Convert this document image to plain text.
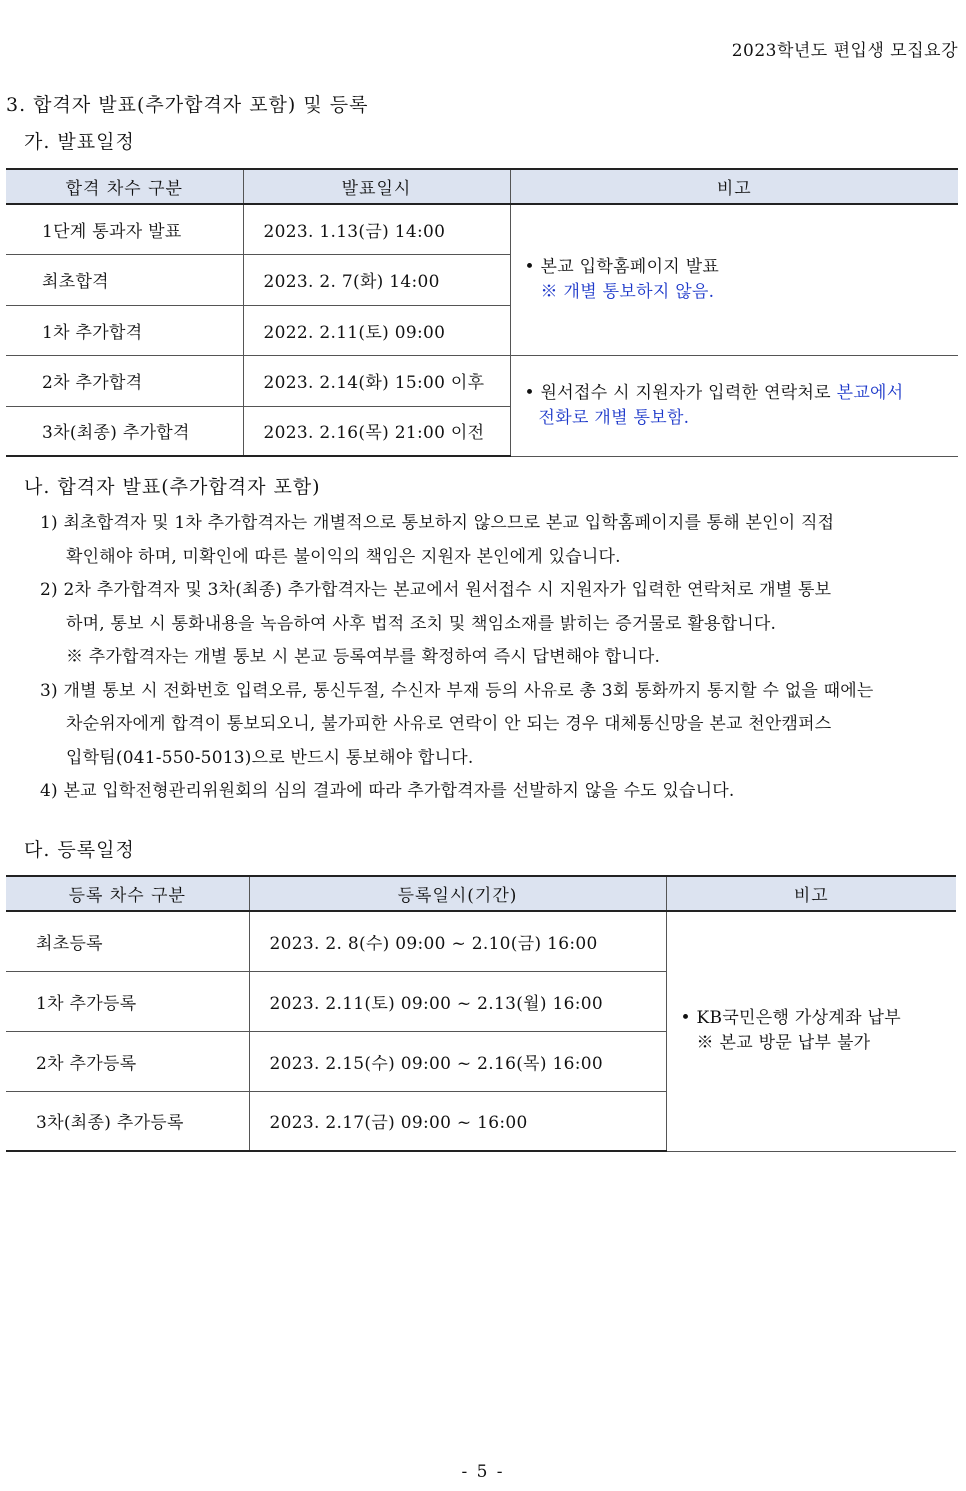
2023학년도 편입생 모집요강
3. 합격자 발표(추가합격자 포함) 및 등록
가. 발표일정
합격 차수 구분	발표일시	비고
1단계 통과자 발표	2023. 1.13(금) 14:00	• 본교 입학홈페이지 발표
※ 개별 통보하지 않음.

최초합격	2023. 2. 7(화) 14:00	
1차 추가합격	2022. 2.11(토) 09:00	
2차 추가합격	2023. 2.14(화) 15:00 이후	• 원서접수 시 지원자가 입력한 연락처로 본교에서
전화로 개별 통보함.

3차(최종) 추가합격	2023. 2.16(목) 21:00 이전	
나. 합격자 발표(추가합격자 포함)
1) 최초합격자 및 1차 추가합격자는 개별적으로 통보하지 않으므로 본교 입학홈페이지를 통해 본인이 직접
확인해야 하며, 미확인에 따른 불이익의 책임은 지원자 본인에게 있습니다.
2) 2차 추가합격자 및 3차(최종) 추가합격자는 본교에서 원서접수 시 지원자가 입력한 연락처로 개별 통보
하며, 통보 시 통화내용을 녹음하여 사후 법적 조치 및 책임소재를 밝히는 증거물로 활용합니다.
※ 추가합격자는 개별 통보 시 본교 등록여부를 확정하여 즉시 답변해야 합니다.
3) 개별 통보 시 전화번호 입력오류, 통신두절, 수신자 부재 등의 사유로 총 3회 통화까지 통지할 수 없을 때에는
차순위자에게 합격이 통보되오니, 불가피한 사유로 연락이 안 되는 경우 대체통신망을 본교 천안캠퍼스
입학팀(041-550-5013)으로 반드시 통보해야 합니다.
4) 본교 입학전형관리위원회의 심의 결과에 따라 추가합격자를 선발하지 않을 수도 있습니다.
다. 등록일정
등록 차수 구분	등록일시(기간)	비고
최초등록	2023. 2. 8(수) 09:00 ~ 2.10(금) 16:00	• KB국민은행 가상계좌 납부
※ 본교 방문 납부 불가

1차 추가등록	2023. 2.11(토) 09:00 ~ 2.13(월) 16:00	
2차 추가등록	2023. 2.15(수) 09:00 ~ 2.16(목) 16:00	
3차(최종) 추가등록	2023. 2.17(금) 09:00 ~ 16:00	
- 5 -
